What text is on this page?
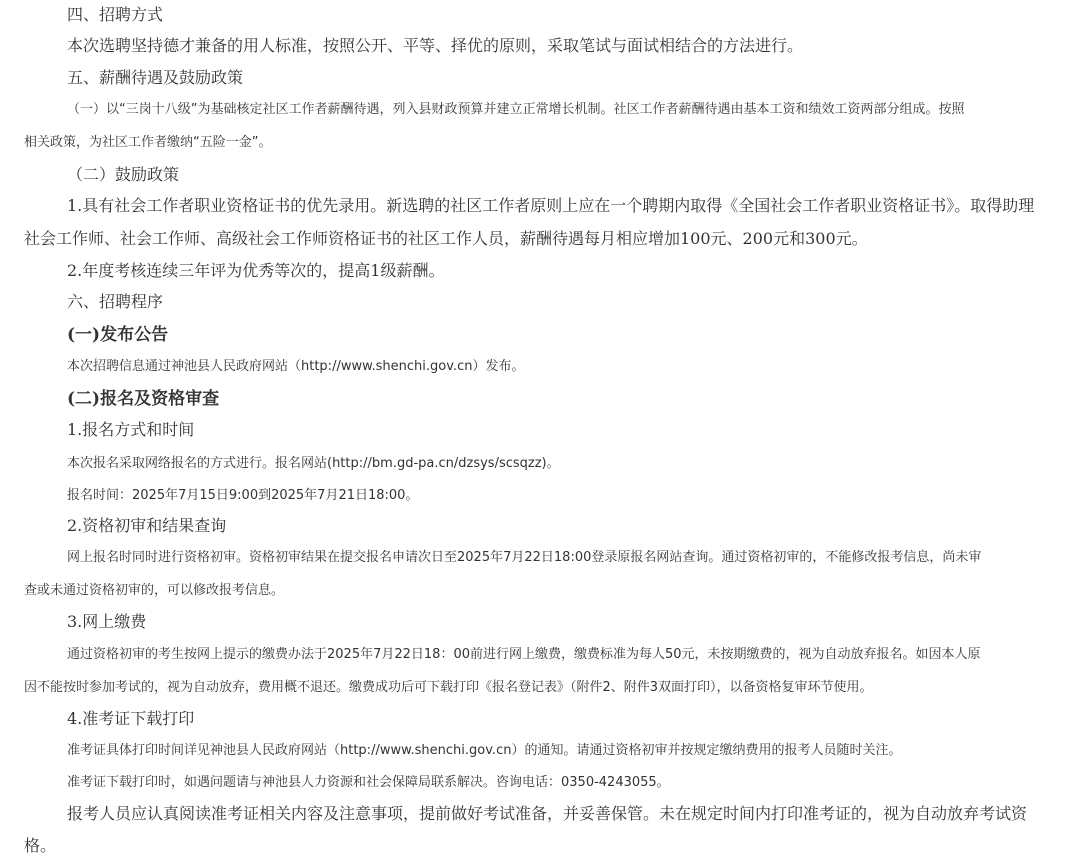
四、招聘方式
本次选聘坚持德才兼备的用人标准，按照公开、平等、择优的原则，采取笔试与面试相结合的方法进行。
五、薪酬待遇及鼓励政策
（一）以“三岗十八级”为基础核定社区工作者薪酬待遇，列入县财政预算并建立正常增长机制。社区工作者薪酬待遇由基本工资和绩效工资两部分组成。按照
相关政策，为社区工作者缴纳“五险一金”。
（二）鼓励政策
1.具有社会工作者职业资格证书的优先录用。新选聘的社区工作者原则上应在一个聘期内取得《全国社会工作者职业资格证书》。取得助理
社会工作师、社会工作师、高级社会工作师资格证书的社区工作人员，薪酬待遇每月相应增加100元、200元和300元。
2.年度考核连续三年评为优秀等次的，提高1级薪酬。
六、招聘程序
(一)发布公告
本次招聘信息通过神池县人民政府网站（http://www.shenchi.gov.cn）发布。
(二)报名及资格审查
1.报名方式和时间
本次报名采取网络报名的方式进行。报名网站(http://bm.gd-pa.cn/dzsys/scsqzz)。
报名时间：2025年7月15日9:00到2025年7月21日18:00。
2.资格初审和结果查询
网上报名时同时进行资格初审。资格初审结果在提交报名申请次日至2025年7月22日18:00登录原报名网站查询。通过资格初审的，不能修改报考信息，尚未审
查或未通过资格初审的，可以修改报考信息。
3.网上缴费
通过资格初审的考生按网上提示的缴费办法于2025年7月22日18：00前进行网上缴费，缴费标准为每人50元，未按期缴费的，视为自动放弃报名。如因本人原
因不能按时参加考试的，视为自动放弃，费用概不退还。缴费成功后可下载打印《报名登记表》（附件2、附件3双面打印），以备资格复审环节使用。
4.准考证下载打印
准考证具体打印时间详见神池县人民政府网站（http://www.shenchi.gov.cn）的通知。请通过资格初审并按规定缴纳费用的报考人员随时关注。
准考证下载打印时，如遇问题请与神池县人力资源和社会保障局联系解决。咨询电话：0350-4243055。
报考人员应认真阅读准考证相关内容及注意事项，提前做好考试准备，并妥善保管。未在规定时间内打印准考证的，视为自动放弃考试资
格。
